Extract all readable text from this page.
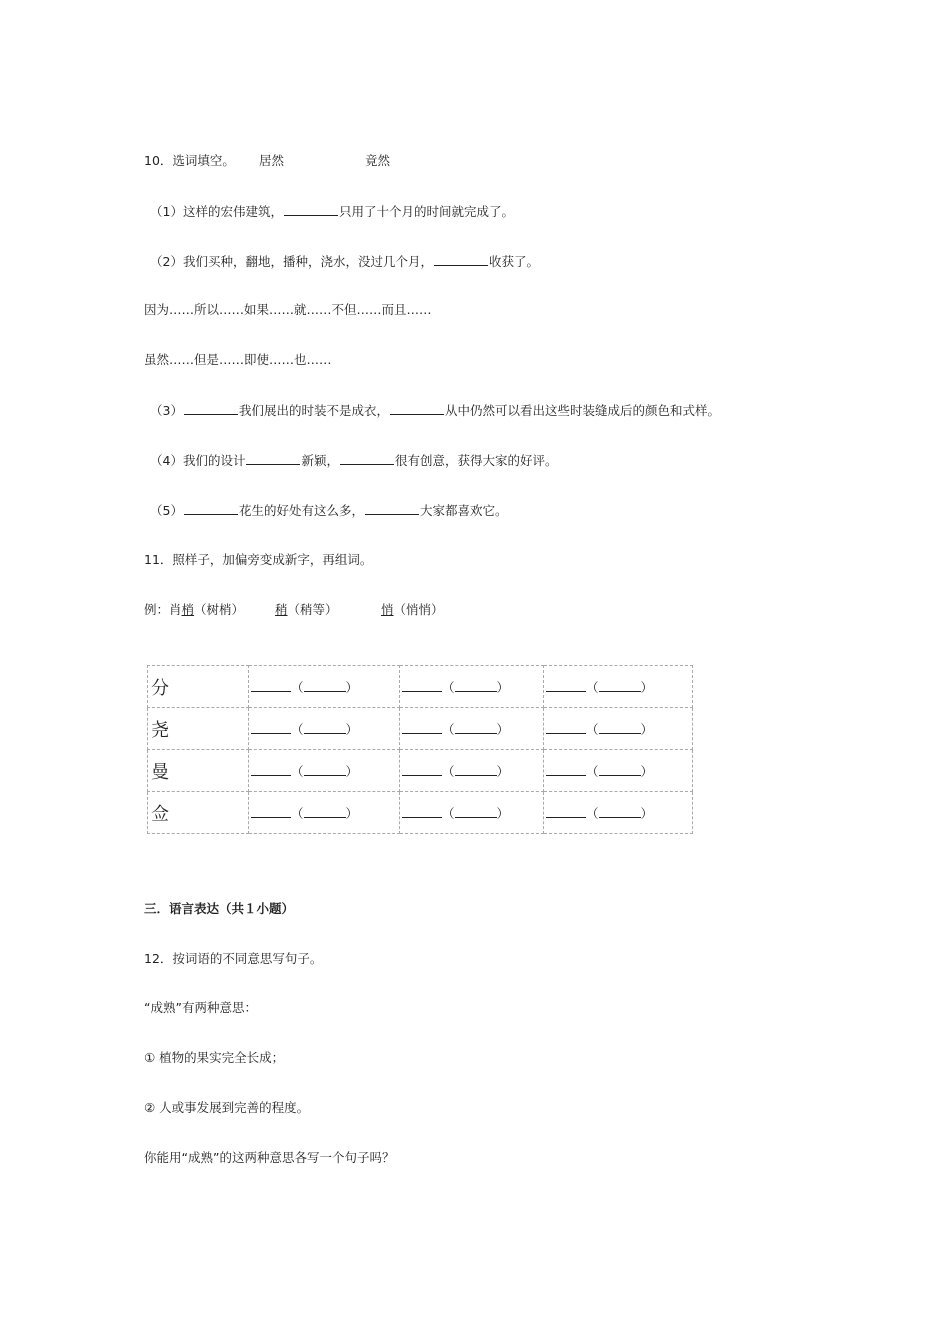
10．选词填空。 居然	竟然
（1）这样的宏伟建筑，	只用了十个月的时间就完成了。
（2）我们买种，翻地，播种，浇水，没过几个月，	收获了。
因为……所以……如果……就……不但……而且……
虽然……但是……即使……也……
（3）	我们展出的时装不是成衣，	从中仍然可以看出这些时装缝成后的颜色和式样。
（4）我们的设计	新颖，	很有创意，获得大家的好评。
（5）	花生的好处有这么多，	大家都喜欢它。
11．照样子，加偏旁变成新字，再组词。
例：肖梢（树梢） 稍（稍等）	悄（悄悄）
分	（ ）	（ ）	（ ）
尧	（ ）	（ ）	（ ）
曼	（ ）	（ ）	（ ）
佥	（ ）	（ ）	（ ）
三．语言表达（共１小题）
12．按词语的不同意思写句子。
“成熟”有两种意思：
① 植物的果实完全长成；
② 人或事发展到完善的程度。
你能用“成熟”的这两种意思各写一个句子吗？
